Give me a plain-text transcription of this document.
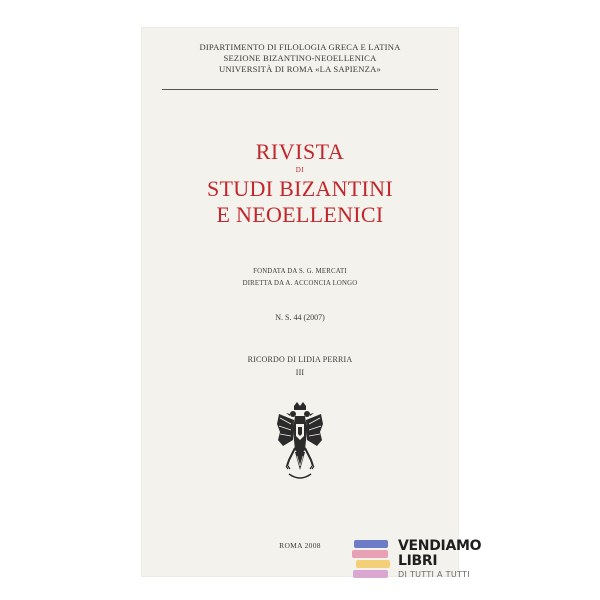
DIPARTIMENTO DI FILOLOGIA GRECA E LATINA
SEZIONE BIZANTINO-NEOELLENICA
UNIVERSITÀ DI ROMA «LA SAPIENZA»
RIVISTA
DI
STUDI BIZANTINI
E NEOELLENICI
FONDATA DA S. G. MERCATI
DIRETTA DA A. ACCONCIA LONGO
N. S. 44 (2007)
RICORDO DI LIDIA PERRIA
III
ROMA 2008	VENDIAMO
LIBRI
DI TUTTI A TUTTI
